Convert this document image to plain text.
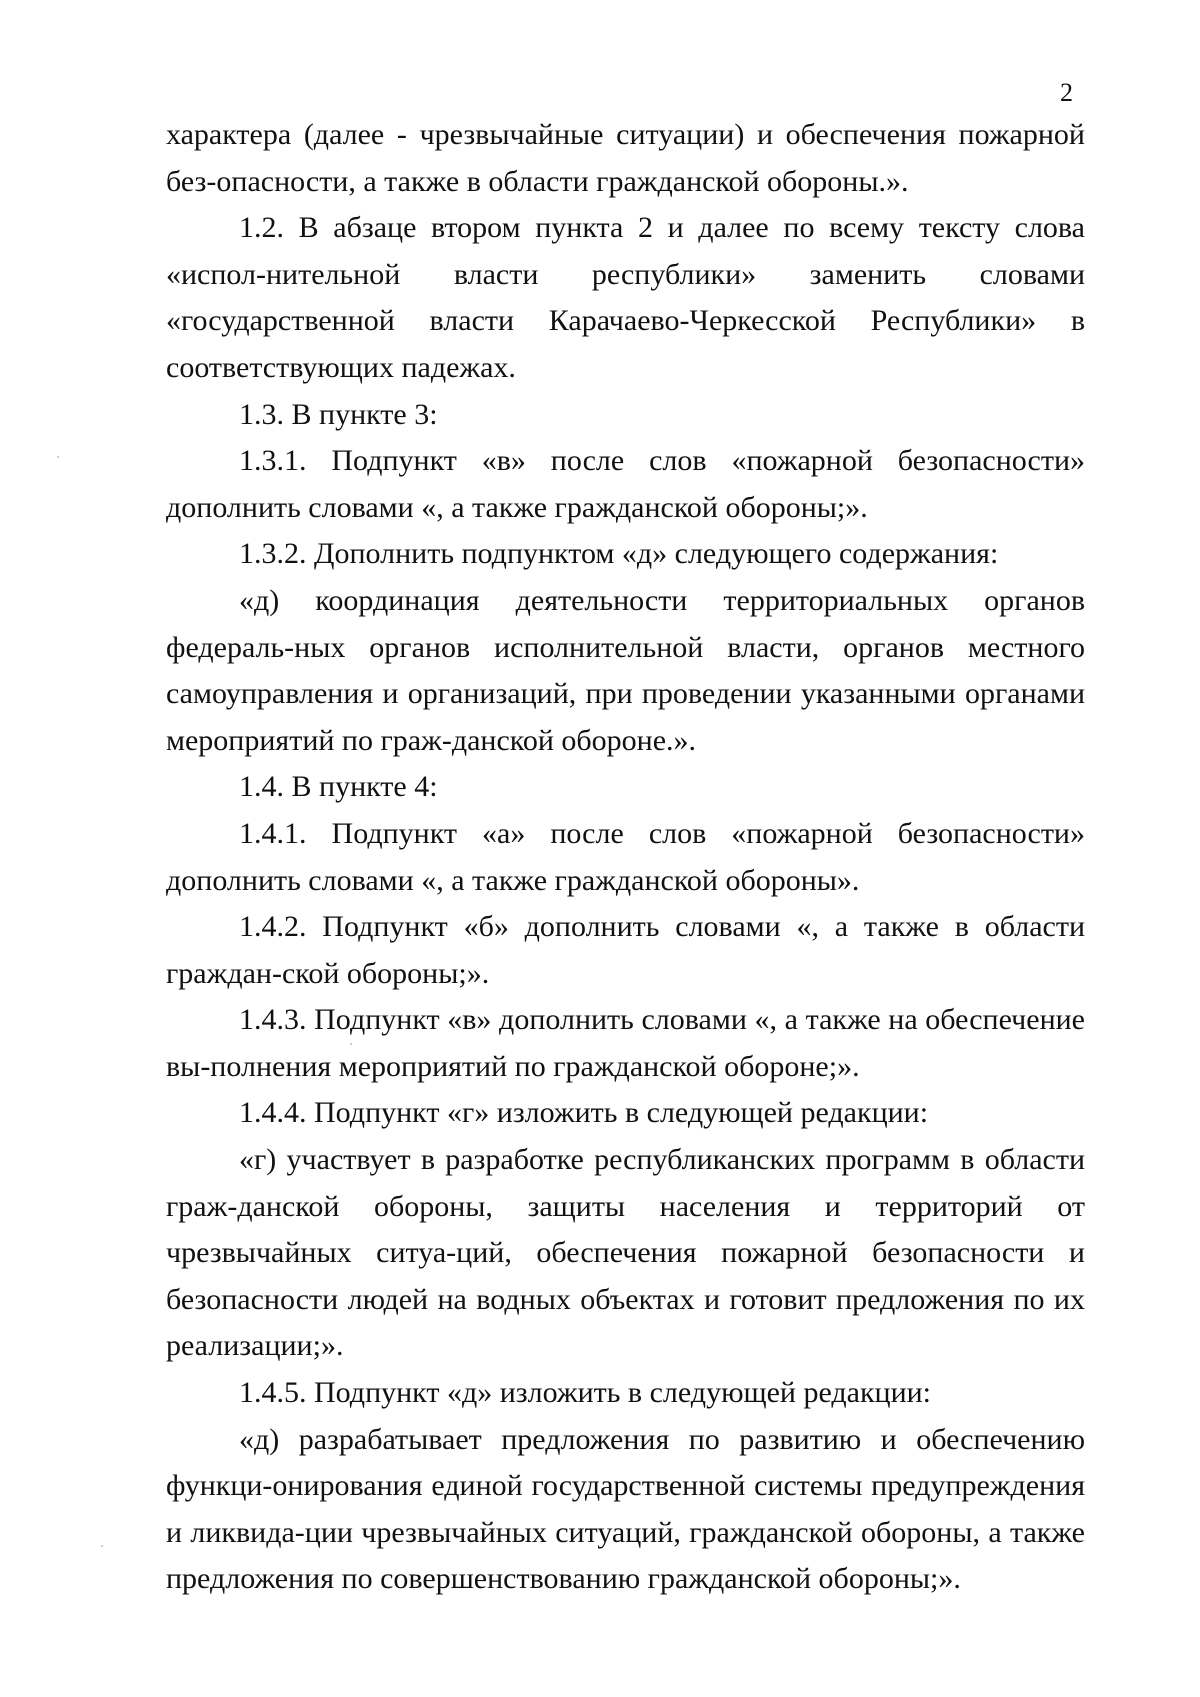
2

характера (далее - чрезвычайные ситуации) и обеспечения пожарной без-опасности, а также в области гражданской обороны.».

1.2. В абзаце втором пункта 2 и далее по всему тексту слова «испол-нительной власти республики» заменить словами «государственной власти Карачаево-Черкесской Республики» в соответствующих падежах.

1.3. В пункте 3:

1.3.1. Подпункт «в» после слов «пожарной безопасности» дополнить словами «, а также гражданской обороны;».

1.3.2. Дополнить подпунктом «д» следующего содержания:

«д) координация деятельности территориальных органов федераль-ных органов исполнительной власти, органов местного самоуправления и организаций, при проведении указанными органами мероприятий по граж-данской обороне.».

1.4. В пункте 4:

1.4.1. Подпункт «а» после слов «пожарной безопасности» дополнить словами «, а также гражданской обороны».

1.4.2. Подпункт «б» дополнить словами «, а также в области граждан-ской обороны;».

1.4.3. Подпункт «в» дополнить словами «, а также на обеспечение вы-полнения мероприятий по гражданской обороне;».

1.4.4. Подпункт «г» изложить в следующей редакции:

«г) участвует в разработке республиканских программ в области граж-данской обороны, защиты населения и территорий от чрезвычайных ситуа-ций, обеспечения пожарной безопасности и безопасности людей на водных объектах и готовит предложения по их реализации;».

1.4.5. Подпункт «д» изложить в следующей редакции:

«д) разрабатывает предложения по развитию и обеспечению функци-онирования единой государственной системы предупреждения и ликвида-ции чрезвычайных ситуаций, гражданской обороны, а также предложения по совершенствованию гражданской обороны;».
